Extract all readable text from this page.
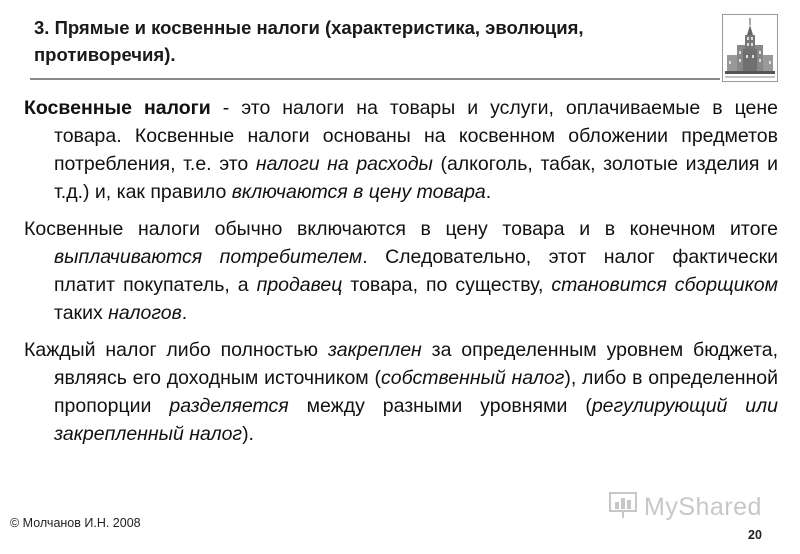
3. Прямые и косвенные налоги (характеристика, эволюция, противоречия).

Косвенные налоги - это налоги на товары и услуги, оплачиваемые в цене товара. Косвенные налоги основаны на косвенном обложении предметов потребления, т.е. это налоги на расходы (алкоголь, табак, золотые изделия и т.д.) и, как правило включаются в цену товара.

Косвенные налоги обычно включаются в цену товара и в конечном итоге выплачиваются потребителем. Следовательно, этот налог фактически платит покупатель, а продавец товара, по существу, становится сборщиком таких налогов.

Каждый налог либо полностью закреплен за определенным уровнем бюджета, являясь его доходным источником (собственный налог), либо в определенной пропорции разделяется между разными уровнями (регулирующий или закрепленный налог).

MyShared
© Молчанов И.Н. 2008
20
